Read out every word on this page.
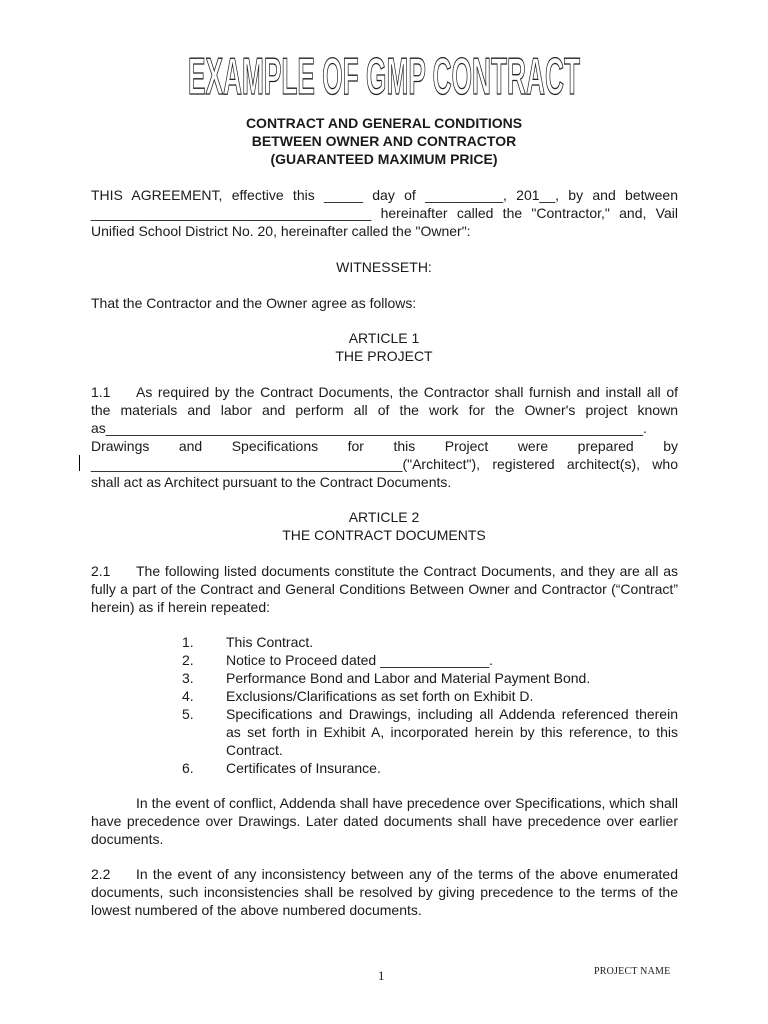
EXAMPLE OF GMP CONTRACT
CONTRACT AND GENERAL CONDITIONS
BETWEEN OWNER AND CONTRACTOR
(GUARANTEED MAXIMUM PRICE)
THIS AGREEMENT, effective this _____ day of __________, 201__, by and between ____________________________________ hereinafter called the "Contractor," and, Vail Unified School District No. 20, hereinafter called the "Owner":
WITNESSETH:
That the Contractor and the Owner agree as follows:
ARTICLE 1
THE PROJECT
1.1 As required by the Contract Documents, the Contractor shall furnish and install all of the materials and labor and perform all of the work for the Owner's project known as_____________________________________________________________________. Drawings and Specifications for this Project were prepared by ________________________________________("Architect"), registered architect(s), who shall act as Architect pursuant to the Contract Documents.
ARTICLE 2
THE CONTRACT DOCUMENTS
2.1 The following listed documents constitute the Contract Documents, and they are all as fully a part of the Contract and General Conditions Between Owner and Contractor (“Contract” herein) as if herein repeated:
1. This Contract.
2. Notice to Proceed dated ______________.
3. Performance Bond and Labor and Material Payment Bond.
4. Exclusions/Clarifications as set forth on Exhibit D.
5. Specifications and Drawings, including all Addenda referenced therein as set forth in Exhibit A, incorporated herein by this reference, to this Contract.
6. Certificates of Insurance.
In the event of conflict, Addenda shall have precedence over Specifications, which shall have precedence over Drawings. Later dated documents shall have precedence over earlier documents.
2.2 In the event of any inconsistency between any of the terms of the above enumerated documents, such inconsistencies shall be resolved by giving precedence to the terms of the lowest numbered of the above numbered documents.
1	PROJECT NAME
